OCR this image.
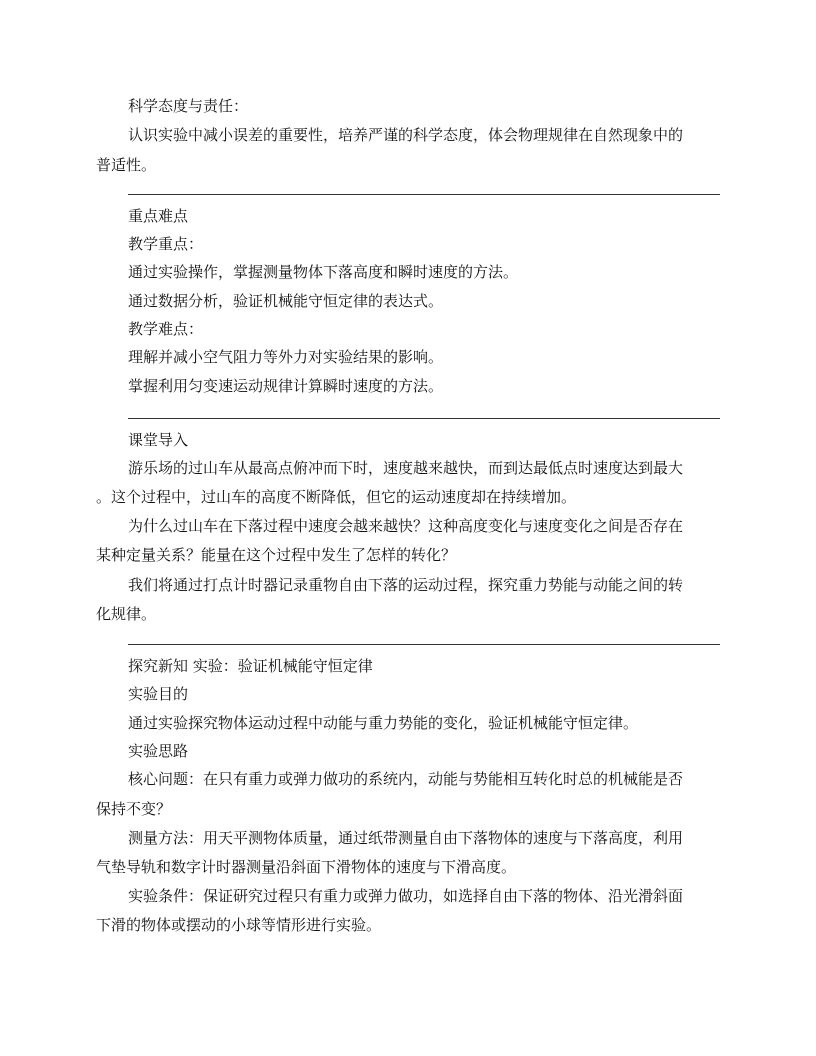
科学态度与责任：
认识实验中减小误差的重要性，培养严谨的科学态度，体会物理规律在自然现象中的
普适性。
重点难点
教学重点：
通过实验操作，掌握测量物体下落高度和瞬时速度的方法。
通过数据分析，验证机械能守恒定律的表达式。
教学难点：
理解并减小空气阻力等外力对实验结果的影响。
掌握利用匀变速运动规律计算瞬时速度的方法。
课堂导入
游乐场的过山车从最高点俯冲而下时，速度越来越快，而到达最低点时速度达到最大
。这个过程中，过山车的高度不断降低，但它的运动速度却在持续增加。
为什么过山车在下落过程中速度会越来越快？这种高度变化与速度变化之间是否存在
某种定量关系？能量在这个过程中发生了怎样的转化？
我们将通过打点计时器记录重物自由下落的运动过程，探究重力势能与动能之间的转
化规律。
探究新知 实验：验证机械能守恒定律
实验目的
通过实验探究物体运动过程中动能与重力势能的变化，验证机械能守恒定律。
实验思路
核心问题：在只有重力或弹力做功的系统内，动能与势能相互转化时总的机械能是否
保持不变？
测量方法：用天平测物体质量，通过纸带测量自由下落物体的速度与下落高度，利用
气垫导轨和数字计时器测量沿斜面下滑物体的速度与下滑高度。
实验条件：保证研究过程只有重力或弹力做功，如选择自由下落的物体、沿光滑斜面
下滑的物体或摆动的小球等情形进行实验。
